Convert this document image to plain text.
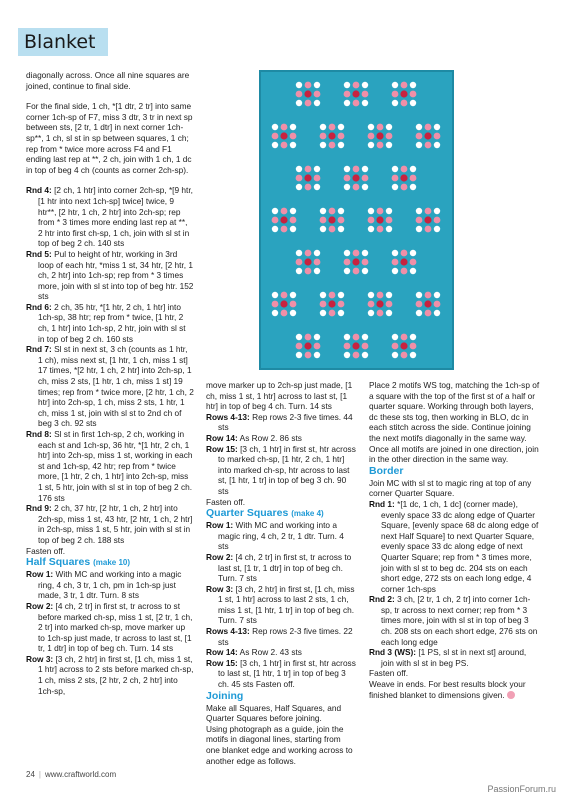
Blanket

diagonally across. Once all nine squares are joined, continue to final side.

For the final side, 1 ch, *[1 dtr, 2 tr] into same corner 1ch-sp of F7, miss 3 dtr, 3 tr in next sp between sts, [2 tr, 1 dtr] in next corner 1ch-sp**, 1 ch, sl st in sp between squares, 1 ch; rep from * twice more across F4 and F1 ending last rep at **, 2 ch, join with 1 ch, 1 dc in top of beg 4 ch (counts as corner 2ch-sp).

Rnd 4: [2 ch, 1 htr] into corner 2ch-sp, *[9 htr, [1 htr into next 1ch-sp] twice] twice, 9 htr**, [2 htr, 1 ch, 2 htr] into 2ch-sp; rep from * 3 times more ending last rep at **, 2 htr into first ch-sp, 1 ch, join with sl st in top of beg 2 ch. 140 sts

Rnd 5: Pul to height of htr, working in 3rd loop of each htr, *miss 1 st, 34 htr, [2 htr, 1 ch, 2 htr] into 1ch-sp; rep from * 3 times more, join with sl st into top of beg htr. 152 sts

Rnd 6: 2 ch, 35 htr, *[1 htr, 2 ch, 1 htr] into 1ch-sp, 38 htr; rep from * twice, [1 htr, 2 ch, 1 htr] into 1ch-sp, 2 htr, join with sl st in top of beg 2 ch. 160 sts

Rnd 7: Sl st in next st, 3 ch (counts as 1 htr, 1 ch), miss next st, [1 htr, 1 ch, miss 1 st] 17 times, *[2 htr, 1 ch, 2 htr] into 2ch-sp, 1 ch, miss 2 sts, [1 htr, 1 ch, miss 1 st] 19 times; rep from * twice more, [2 htr, 1 ch, 2 htr] into 2ch-sp, 1 ch, miss 2 sts, 1 htr, 1 ch, miss 1 st, join with sl st to 2nd ch of beg 3 ch. 92 sts

Rnd 8: Sl st in first 1ch-sp, 2 ch, working in each st and 1ch-sp, 36 htr, *[1 htr, 2 ch, 1 htr] into 2ch-sp, miss 1 st, working in each st and 1ch-sp, 42 htr; rep from * twice more, [1 htr, 2 ch, 1 htr] into 2ch-sp, miss 1 st, 5 htr, join with sl st in top of beg 2 ch. 176 sts

Rnd 9: 2 ch, 37 htr, [2 htr, 1 ch, 2 htr] into 2ch-sp, miss 1 st, 43 htr, [2 htr, 1 ch, 2 htr] in 2ch-sp, miss 1 st, 5 htr, join with sl st in top of beg 2 ch. 188 sts

Fasten off.

Half Squares (make 10)

Row 1: With MC and working into a magic ring, 4 ch, 3 tr, 1 ch, pm in 1ch-sp just made, 3 tr, 1 dtr. Turn. 8 sts

Row 2: [4 ch, 2 tr] in first st, tr across to st before marked ch-sp, miss 1 st, [2 tr, 1 ch, 2 tr] into marked ch-sp, move marker up to 1ch-sp just made, tr across to last st, [1 tr, 1 dtr] in top of beg ch. Turn. 14 sts

Row 3: [3 ch, 2 htr] in first st, [1 ch, miss 1 st, 1 htr] across to 2 sts before marked ch-sp, 1 ch, miss 2 sts, [2 htr, 2 ch, 2 htr] into 1ch-sp,

move marker up to 2ch-sp just made, [1 ch, miss 1 st, 1 htr] across to last st, [1 htr] in top of beg 4 ch. Turn. 14 sts

Rows 4-13: Rep rows 2-3 five times. 44 sts

Row 14: As Row 2. 86 sts

Row 15: [3 ch, 1 htr] in first st, htr across to marked ch-sp, [1 htr, 2 ch, 1 htr] into marked ch-sp, htr across to last st, [1 htr, 1 tr] in top of beg 3 ch. 90 sts

Fasten off.

Quarter Squares (make 4)

Row 1: With MC and working into a magic ring, 4 ch, 2 tr, 1 dtr. Turn. 4 sts

Row 2: [4 ch, 2 tr] in first st, tr across to last st, [1 tr, 1 dtr] in top of beg ch. Turn. 7 sts

Row 3: [3 ch, 2 htr] in first st, [1 ch, miss 1 st, 1 htr] across to last 2 sts, 1 ch, miss 1 st, [1 htr, 1 tr] in top of beg ch. Turn. 7 sts

Rows 4-13: Rep rows 2-3 five times. 22 sts

Row 14: As Row 2. 43 sts

Row 15: [3 ch, 1 htr] in first st, htr across to last st, [1 htr, 1 tr] in top of beg 3 ch. 45 sts Fasten off.

Joining

Make all Squares, Half Squares, and Quarter Squares before joining.

Using photograph as a guide, join the motifs in diagonal lines, starting from one blanket edge and working across to another edge as follows.

Place 2 motifs WS tog, matching the 1ch-sp of a square with the top of the first st of a half or quarter square. Working through both layers, dc these sts tog, then working in BLO, dc in each stitch across the side. Continue joining the next motifs diagonally in the same way. Once all motifs are joined in one direction, join in the other direction in the same way.

Border

Join MC with sl st to magic ring at top of any corner Quarter Square.

Rnd 1: *[1 dc, 1 ch, 1 dc] (corner made), evenly space 33 dc along edge of Quarter Square, [evenly space 68 dc along edge of next Half Square] to next Quarter Square, evenly space 33 dc along edge of next Quarter Square; rep from * 3 times more, join with sl st to beg dc. 204 sts on each short edge, 272 sts on each long edge, 4 corner 1ch-sps

Rnd 2: 3 ch, [2 tr, 1 ch, 2 tr] into corner 1ch-sp, tr across to next corner; rep from * 3 times more, join with sl st in top of beg 3 ch. 208 sts on each short edge, 276 sts on each long edge

Rnd 3 (WS): [1 PS, sl st in next st] around, join with sl st in beg PS.

Fasten off.

Weave in ends. For best results block your finished blanket to dimensions given.

24 | www.craftworld.com
PassionForum.ru
